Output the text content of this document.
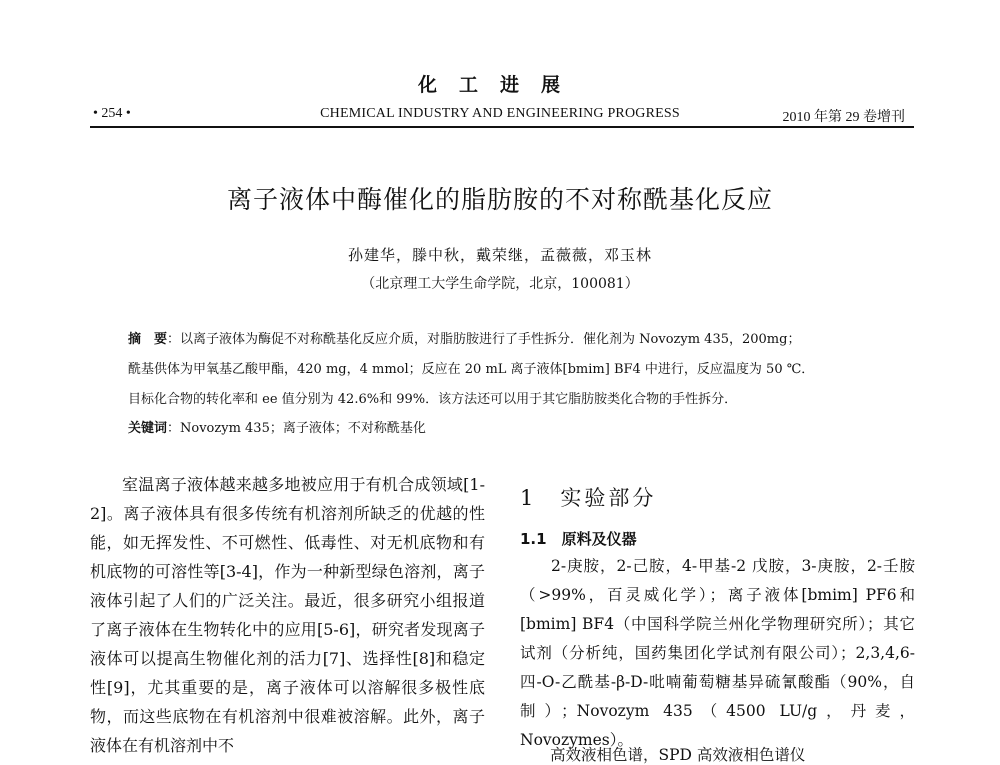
化工进展
• 254 •	CHEMICAL INDUSTRY AND ENGINEERING PROGRESS	2010 年第 29 卷增刊
离子液体中酶催化的脂肪胺的不对称酰基化反应
孙建华，滕中秋，戴荣继，孟薇薇，邓玉林
（北京理工大学生命学院，北京，100081）
摘　要：以离子液体为酶促不对称酰基化反应介质，对脂肪胺进行了手性拆分．催化剂为 Novozym 435，200mg；
酰基供体为甲氧基乙酸甲酯，420 mg，4 mmol；反应在 20 mL 离子液体[bmim] BF4 中进行，反应温度为 50 ℃．
目标化合物的转化率和 ee 值分别为 42.6%和 99%．该方法还可以用于其它脂肪胺类化合物的手性拆分．
关键词：Novozym 435；离子液体；不对称酰基化

室温离子液体越来越多地被应用于有机合成领域[1-2]。离子液体具有很多传统有机溶剂所缺乏的优越的性能，如无挥发性、不可燃性、低毒性、对无机底物和有机底物的可溶性等[3-4]，作为一种新型绿色溶剂，离子液体引起了人们的广泛关注。最近，很多研究小组报道了离子液体在生物转化中的应用[5-6]，研究者发现离子液体可以提高生物催化剂的活力[7]、选择性[8]和稳定性[9]，尤其重要的是，离子液体可以溶解很多极性底物，而这些底物在有机溶剂中很难被溶解。此外，离子液体在有机溶剂中不

1　实验部分
1.1　原料及仪器

2-庚胺，2-己胺，4-甲基-2 戊胺，3-庚胺，2-壬胺（>99%，百灵威化学）；离子液体[bmim] PF6和[bmim] BF4（中国科学院兰州化学物理研究所）；其它试剂（分析纯，国药集团化学试剂有限公司）；2,3,4,6-四-O-乙酰基-β-D-吡喃葡萄糖基异硫氰酸酯（90%，自制）；Novozym 435（4500 LU/g，丹麦，Novozymes）。

高效液相色谱，SPD 高效液相色谱仪
